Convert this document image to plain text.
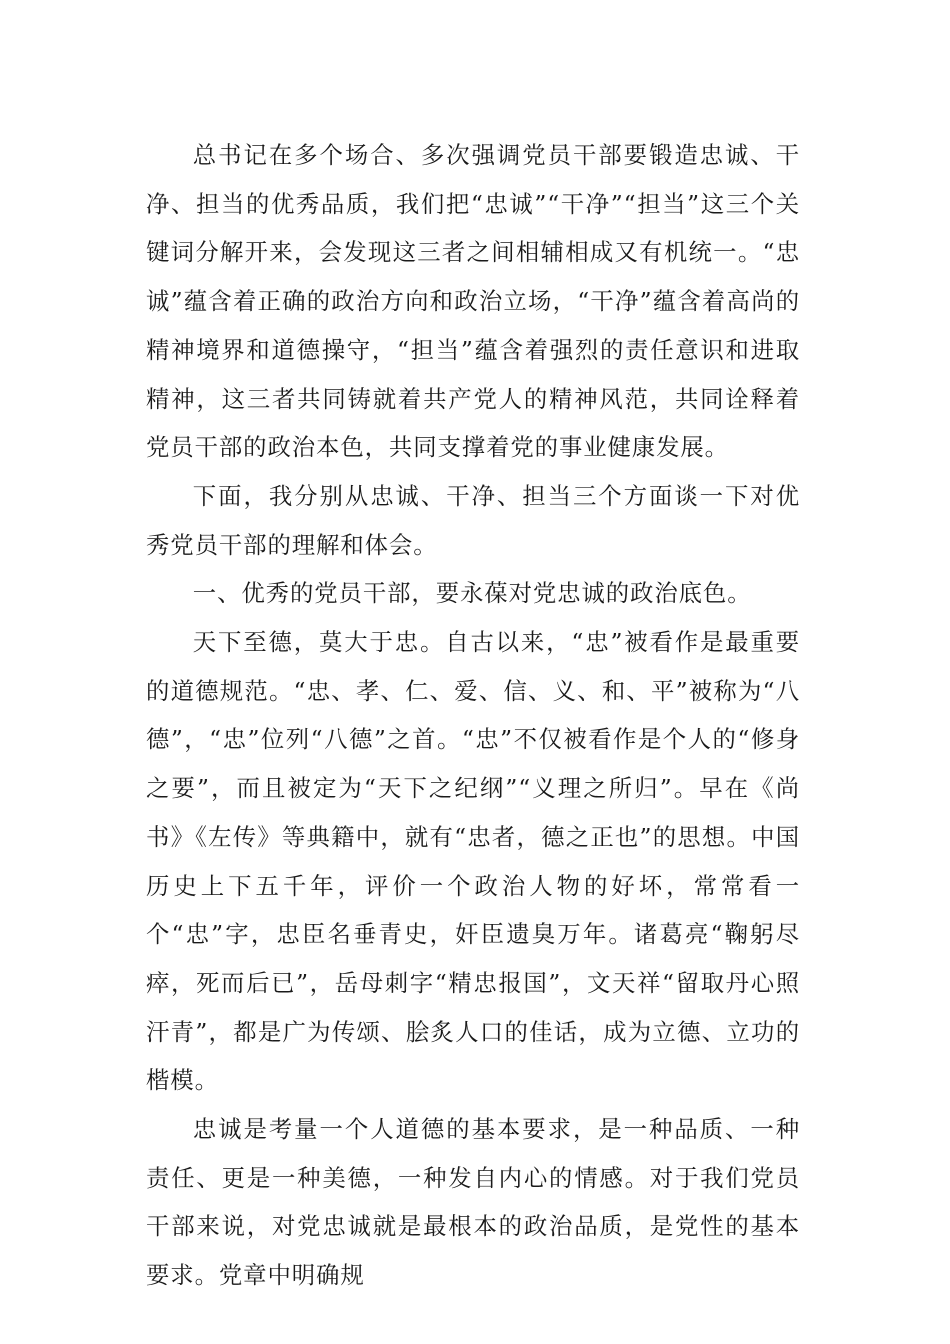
总书记在多个场合、多次强调党员干部要锻造忠诚、干净、担当的优秀品质，我们把“忠诚”“干净”“担当”这三个关键词分解开来，会发现这三者之间相辅相成又有机统一。“忠诚”蕴含着正确的政治方向和政治立场，“干净”蕴含着高尚的精神境界和道德操守，“担当”蕴含着强烈的责任意识和进取精神，这三者共同铸就着共产党人的精神风范，共同诠释着党员干部的政治本色，共同支撑着党的事业健康发展。

下面，我分别从忠诚、干净、担当三个方面谈一下对优秀党员干部的理解和体会。

一、优秀的党员干部，要永葆对党忠诚的政治底色。

天下至德，莫大于忠。自古以来，“忠”被看作是最重要的道德规范。“忠、孝、仁、爱、信、义、和、平”被称为“八德”，“忠”位列“八德”之首。“忠”不仅被看作是个人的“修身之要”，而且被定为“天下之纪纲”“义理之所归”。早在《尚书》《左传》等典籍中，就有“忠者，德之正也”的思想。中国历史上下五千年，评价一个政治人物的好坏，常常看一个“忠”字，忠臣名垂青史，奸臣遗臭万年。诸葛亮“鞠躬尽瘁，死而后已”，岳母刺字“精忠报国”，文天祥“留取丹心照汗青”，都是广为传颂、脍炙人口的佳话，成为立德、立功的楷模。

忠诚是考量一个人道德的基本要求，是一种品质、一种责任、更是一种美德，一种发自内心的情感。对于我们党员干部来说，对党忠诚就是最根本的政治品质，是党性的基本要求。党章中明确规
